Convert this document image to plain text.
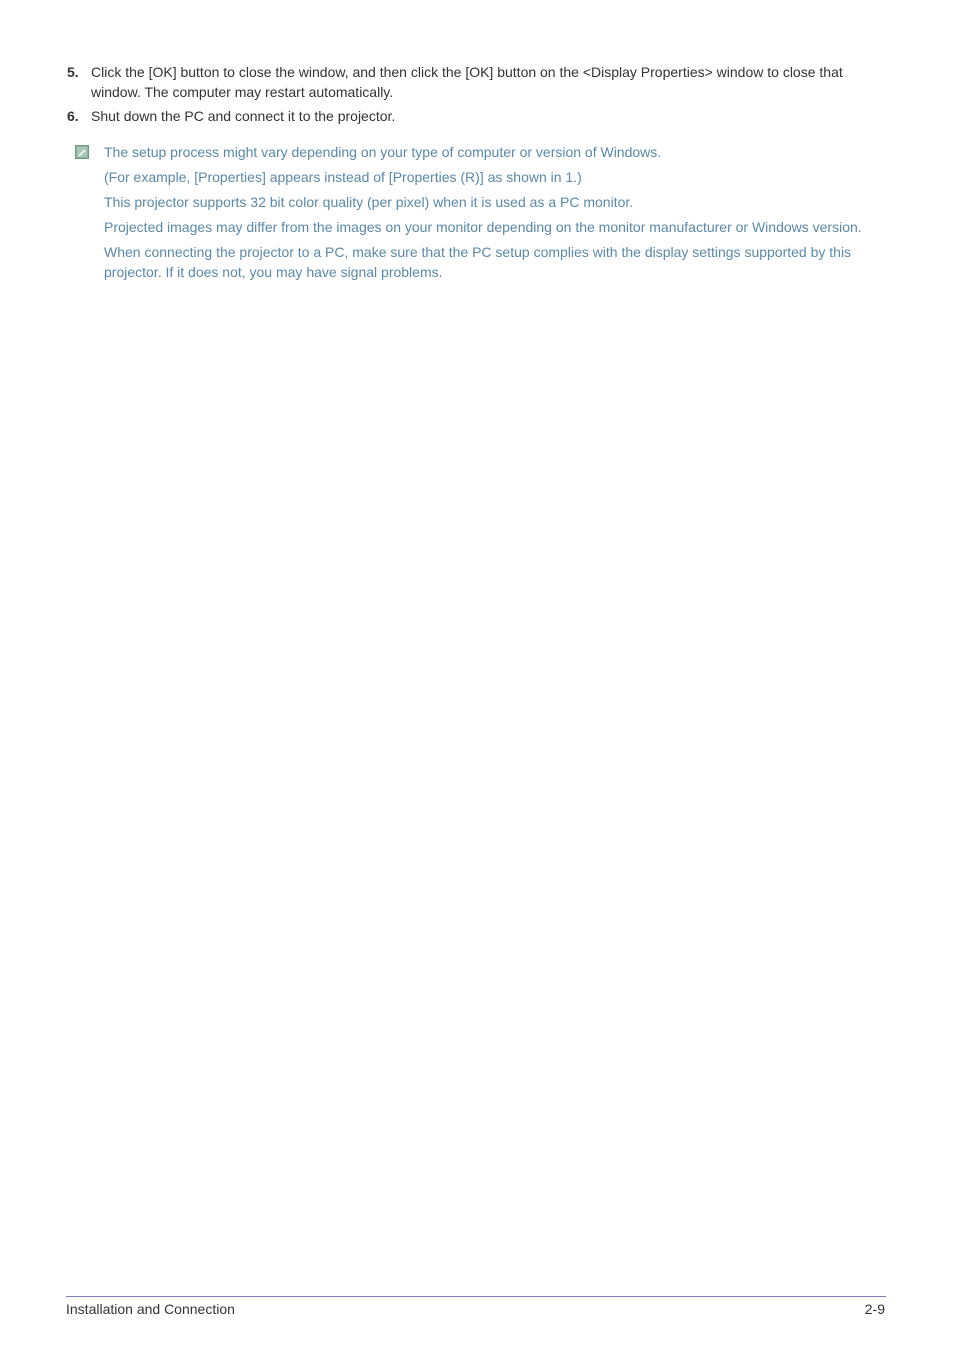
5. Click the [OK] button to close the window, and then click the [OK] button on the <Display Properties> window to close that window. The computer may restart automatically.
6. Shut down the PC and connect it to the projector.
The setup process might vary depending on your type of computer or version of Windows.
(For example, [Properties] appears instead of [Properties (R)] as shown in 1.)
This projector supports 32 bit color quality (per pixel) when it is used as a PC monitor.
Projected images may differ from the images on your monitor depending on the monitor manufacturer or Windows version.
When connecting the projector to a PC, make sure that the PC setup complies with the display settings supported by this projector. If it does not, you may have signal problems.
Installation and Connection	2-9
